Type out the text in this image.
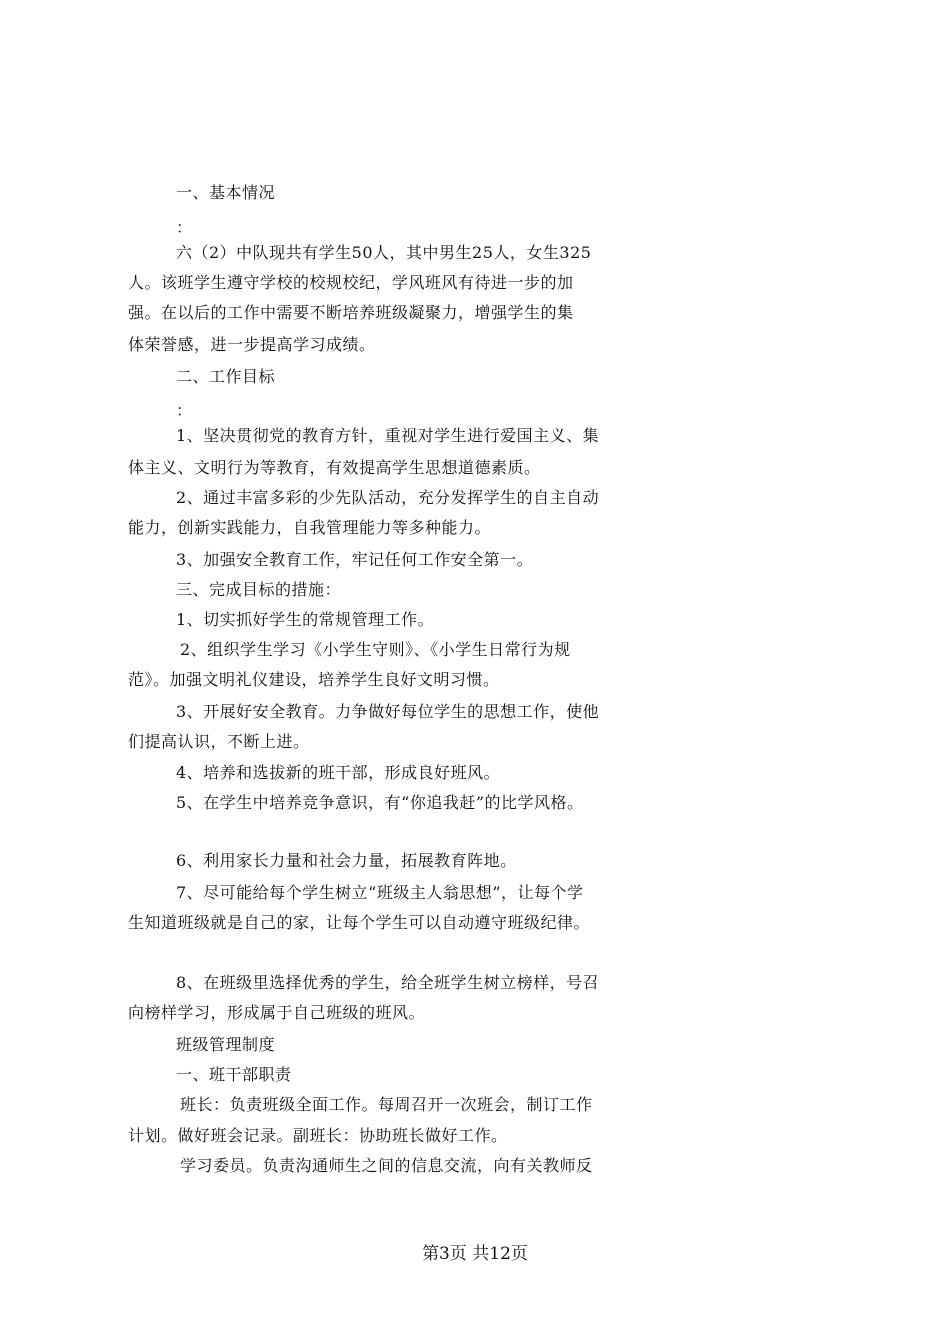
一、基本情况
：
六（2）中队现共有学生50人，其中男生25人，女生325
人。该班学生遵守学校的校规校纪，学风班风有待进一步的加
强。在以后的工作中需要不断培养班级凝聚力，增强学生的集
体荣誉感，进一步提高学习成绩。
二、工作目标
：
1、坚决贯彻党的教育方针，重视对学生进行爱国主义、集
体主义、文明行为等教育，有效提高学生思想道德素质。
2、通过丰富多彩的少先队活动，充分发挥学生的自主自动
能力，创新实践能力，自我管理能力等多种能力。
3、加强安全教育工作，牢记任何工作安全第一。
三、完成目标的措施：
1、切实抓好学生的常规管理工作。
2、组织学生学习《小学生守则》、《小学生日常行为规
范》。加强文明礼仪建设，培养学生良好文明习惯。
3、开展好安全教育。力争做好每位学生的思想工作，使他
们提高认识，不断上进。
4、培养和选拔新的班干部，形成良好班风。
5、在学生中培养竞争意识，有“你追我赶”的比学风格。
6、利用家长力量和社会力量，拓展教育阵地。
7、尽可能给每个学生树立“班级主人翁思想”，让每个学
生知道班级就是自己的家，让每个学生可以自动遵守班级纪律。
8、在班级里选择优秀的学生，给全班学生树立榜样，号召
向榜样学习，形成属于自己班级的班风。
班级管理制度
一、班干部职责
班长：负责班级全面工作。每周召开一次班会，制订工作
计划。做好班会记录。副班长：协助班长做好工作。
学习委员。负责沟通师生之间的信息交流，向有关教师反
第3页 共12页
